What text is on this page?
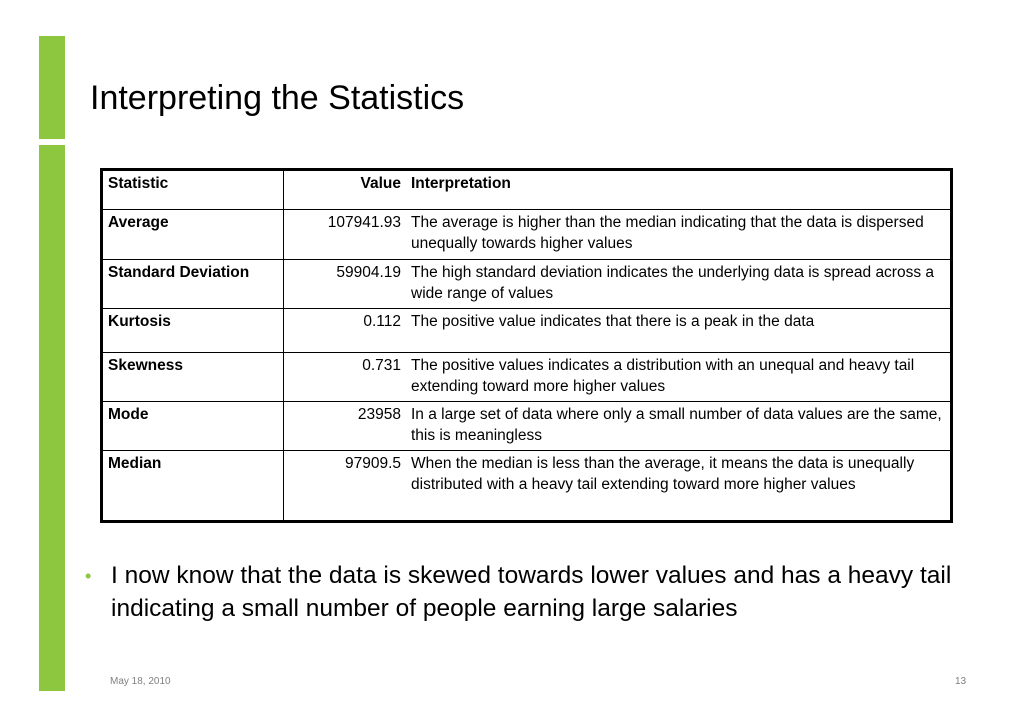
Interpreting the Statistics
Statistic	Value	Interpretation
Average	107941.93	The average is higher than the median indicating that the data is dispersed unequally towards higher values
Standard Deviation	59904.19	The high standard deviation indicates the underlying data is spread across a wide range of values
Kurtosis	0.112	The positive value indicates that there is a peak in the data
Skewness	0.731	The positive values indicates a distribution with an unequal and heavy tail extending toward more higher values
Mode	23958	In a large set of data where only a small number of data values are the same, this is meaningless
Median	97909.5	When the median is less than the average, it means the data is unequally distributed with a heavy tail extending toward more higher values
• I now know that the data is skewed towards lower values and has a heavy tail indicating a small number of people earning large salaries
May 18, 2010	13
